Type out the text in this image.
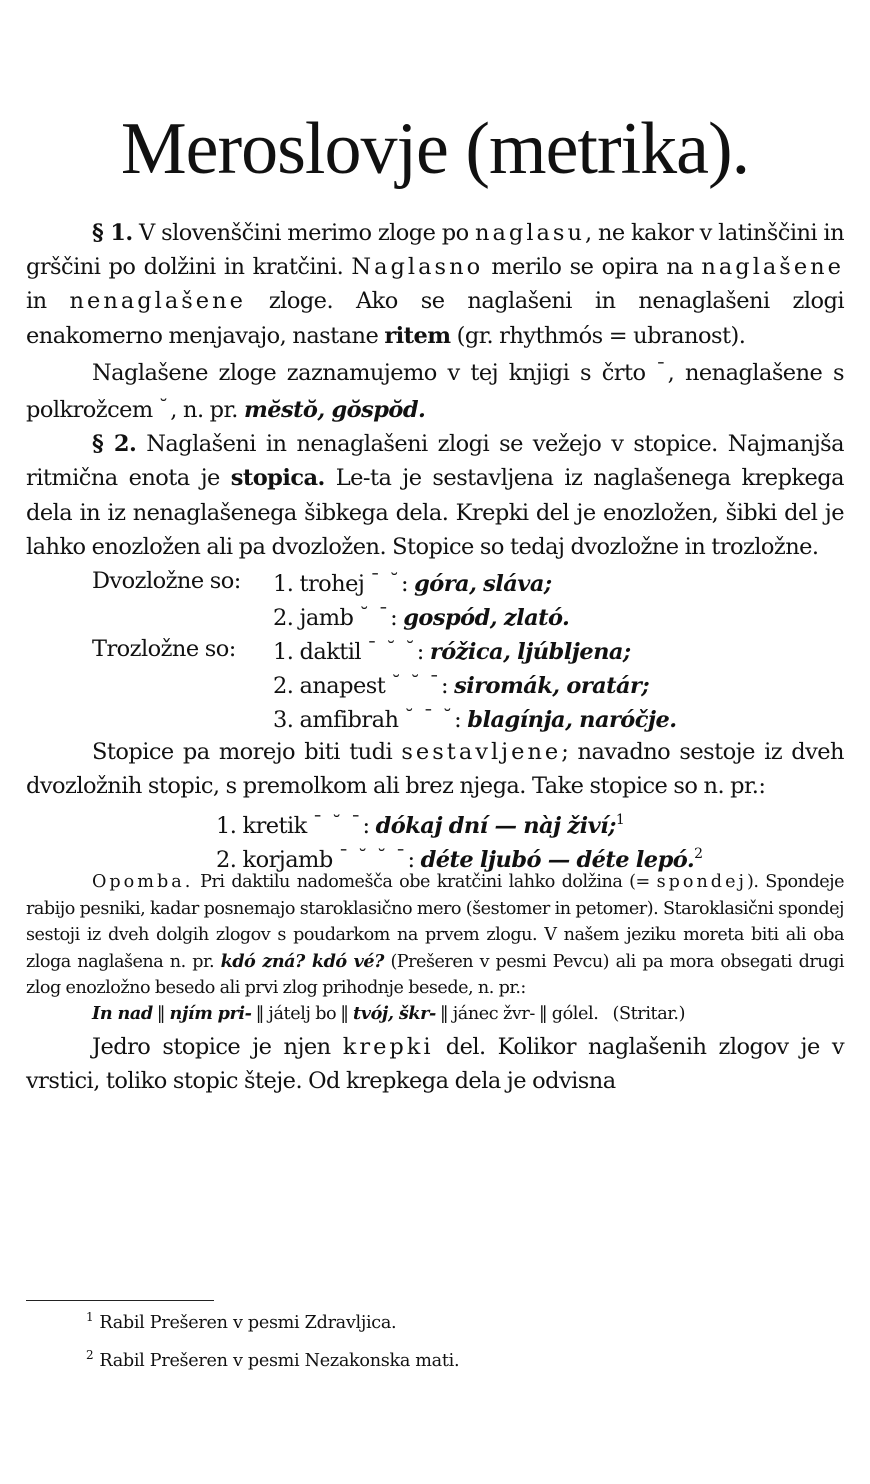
Meroslovje (metrika).

§ 1. V slovenščini merimo zloge po naglasu, ne kakor v latinščini in grščini po dolžini in kratčini. Naglasno merilo se opira na naglašene in nenaglašene zloge. Ako se naglašeni in nenaglašeni zlogi enakomerno menjavajo, nastane ritem (gr. rhythmós = ubranost).

Naglašene zloge zaznamujemo v tej knjigi s črto ¯, nenaglašene s polkrožcem ˘, n. pr. mĕstŏ, gŏspŏd.

§ 2. Naglašeni in nenaglašeni zlogi se vežejo v stopice. Najmanjša ritmična enota je stopica. Le-ta je sestavljena iz naglašenega krepkega dela in iz nenaglašenega šibkega dela. Krepki del je enozložen, šibki del je lahko enozložen ali pa dvozložen. Stopice so tedaj dvozložne in trozložne.

Dvozložne so: 1. trohej ¯ ˘: góra, sláva;
2. jamb ˘ ¯: gospód, zlató.
Trozložne so: 1. daktil ¯ ˘ ˘: róžica, ljúbljena;
2. anapest ˘ ˘ ¯: siromák, oratár;
3. amfibrah ˘ ¯ ˘: blagínja, naróčje.

Stopice pa morejo biti tudi sestavljene; navadno sestoje iz dveh dvozložnih stopic, s premolkom ali brez njega. Take stopice so n. pr.:

1. kretik ¯ ˘ ¯: dókaj dní — nàj živí;$^1$
2. korjamb ¯ ˘ ˘ ¯: déte ljubó — déte lepó.$^2$
Opomba. Pri daktilu nadomešča obe kratčini lahko dolžina (= spondej). Spondeje rabijo pesniki, kadar posnemajo staroklasično mero (šestomer in petomer). Staroklasični spondej sestoji iz dveh dolgih zlogov s poudarkom na prvem zlogu. V našem jeziku moreta biti ali oba zloga naglašena n. pr. kdó zná? kdó vé? (Prešeren v pesmi Pevcu) ali pa mora obsegati drugi zlog enozložno besedo ali prvi zlog prihodnje besede, n. pr.:
In nad ‖ njím pri- ‖ játelj bo ‖ tvój, škr- ‖ jánec žvr- ‖ gólel. (Stritar.)

Jedro stopice je njen krepki del. Kolikor naglašenih zlogov je v vrstici, toliko stopic šteje. Od krepkega dela je odvisna

$^1$ Rabil Prešeren v pesmi Zdravljica.
$^2$ Rabil Prešeren v pesmi Nezakonska mati.
